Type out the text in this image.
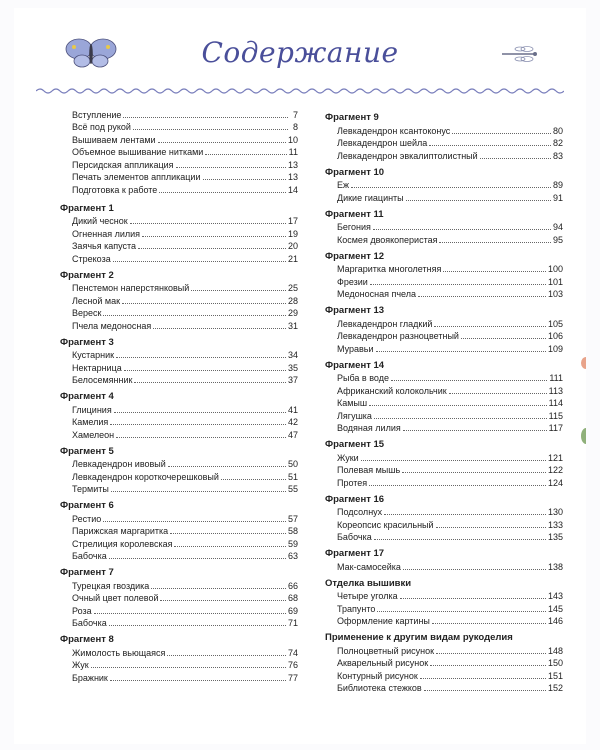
Содержание
Вступление	7
Всё под рукой	8
Вышиваем лентами	10
Объемное вышивание нитками	11
Персидская аппликация	13
Печать элементов аппликации	13
Подготовка к работе	14
Фрагмент 1
Дикий чеснок	17
Огненная лилия	19
Заячья капуста	20
Стрекоза	21
Фрагмент 2
Пенстемон наперстянковый	25
Лесной мак	28
Вереск	29
Пчела медоносная	31
Фрагмент 3
Кустарник	34
Нектарница	35
Белосемянник	37
Фрагмент 4
Глициния	41
Камелия	42
Хамелеон	47
Фрагмент 5
Левкадендрон ивовый	50
Левкадендрон короткочерешковый	51
Термиты	55
Фрагмент 6
Рестио	57
Парижская маргаритка	58
Стрелиция королевская	59
Бабочка	63
Фрагмент 7
Турецкая гвоздика	66
Очный цвет полевой	68
Роза	69
Бабочка	71
Фрагмент 8
Жимолость вьющаяся	74
Жук	76
Бражник	77
Фрагмент 9
Левкадендрон ксантоконус	80
Левкадендрон шейла	82
Левкадендрон эвкалиптолистный	83
Фрагмент 10
Еж	89
Дикие гиацинты	91
Фрагмент 11
Бегония	94
Космея двоякоперистая	95
Фрагмент 12
Маргаритка многолетняя	100
Фрезии	101
Медоносная пчела	103
Фрагмент 13
Левкадендрон гладкий	105
Левкадендрон разноцветный	106
Муравьи	109
Фрагмент 14
Рыба в воде	111
Африканский колокольчик	113
Камыш	114
Лягушка	115
Водяная лилия	117
Фрагмент 15
Жуки	121
Полевая мышь	122
Протея	124
Фрагмент 16
Подсолнух	130
Кореопсис красильный	133
Бабочка	135
Фрагмент 17
Мак-самосейка	138
Отделка вышивки
Четыре уголка	143
Трапунто	145
Оформление картины	146
Применение к другим видам рукоделия
Полноцветный рисунок	148
Акварельный рисунок	150
Контурный рисунок	151
Библиотека стежков	152
